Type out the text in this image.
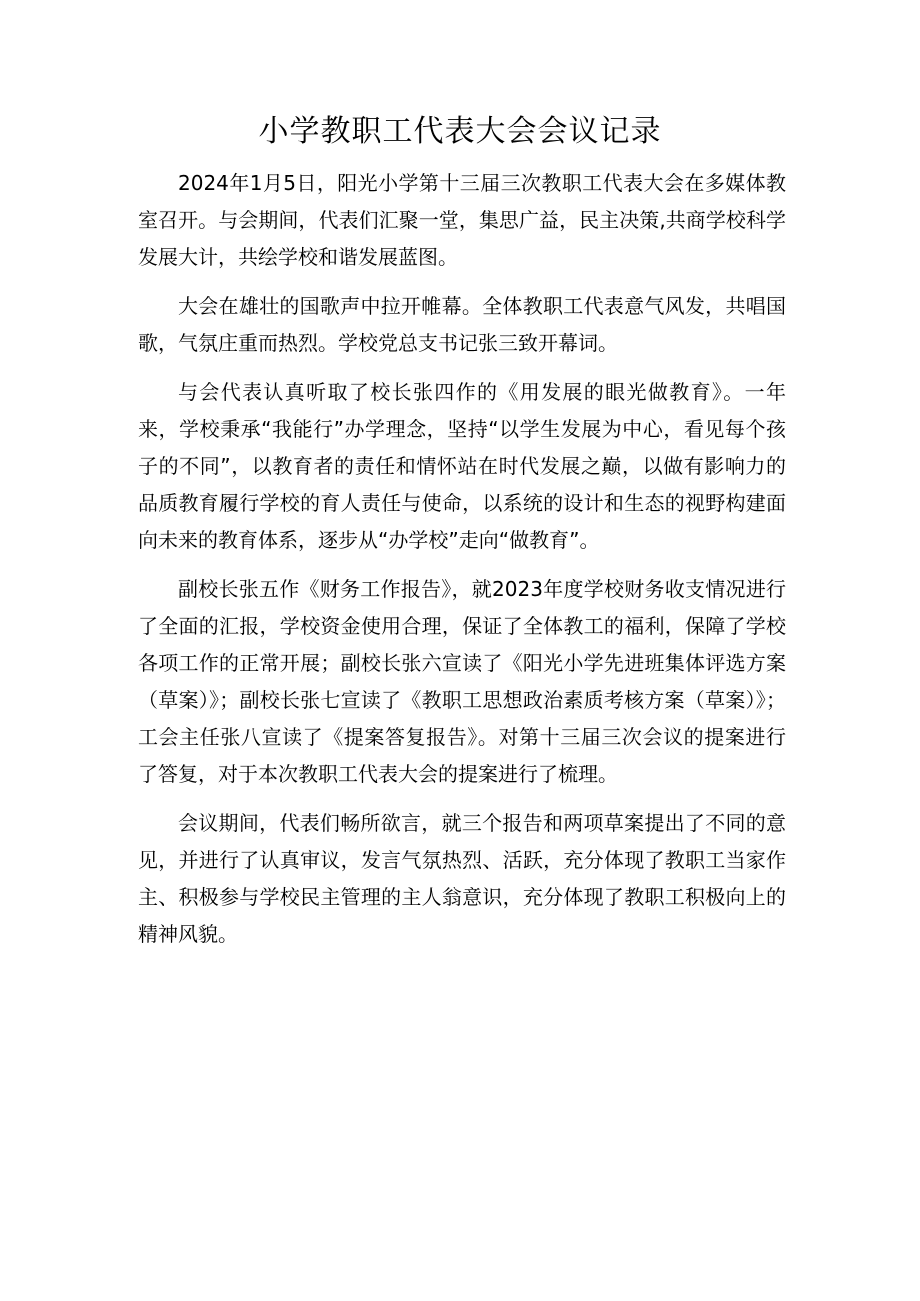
小学教职工代表大会会议记录

2024年1月5日，阳光小学第十三届三次教职工代表大会在多媒体教室召开。与会期间，代表们汇聚一堂，集思广益，民主决策,共商学校科学发展大计，共绘学校和谐发展蓝图。

大会在雄壮的国歌声中拉开帷幕。全体教职工代表意气风发，共唱国歌，气氛庄重而热烈。学校党总支书记张三致开幕词。

与会代表认真听取了校长张四作的《用发展的眼光做教育》。一年来，学校秉承“我能行”办学理念，坚持“以学生发展为中心，看见每个孩子的不同”，以教育者的责任和情怀站在时代发展之巅，以做有影响力的品质教育履行学校的育人责任与使命，以系统的设计和生态的视野构建面向未来的教育体系，逐步从“办学校”走向“做教育”。

副校长张五作《财务工作报告》，就2023年度学校财务收支情况进行了全面的汇报，学校资金使用合理，保证了全体教工的福利，保障了学校各项工作的正常开展；副校长张六宣读了《阳光小学先进班集体评选方案（草案）》；副校长张七宣读了《教职工思想政治素质考核方案（草案）》；工会主任张八宣读了《提案答复报告》。对第十三届三次会议的提案进行了答复，对于本次教职工代表大会的提案进行了梳理。

会议期间，代表们畅所欲言，就三个报告和两项草案提出了不同的意见，并进行了认真审议，发言气氛热烈、活跃，充分体现了教职工当家作主、积极参与学校民主管理的主人翁意识，充分体现了教职工积极向上的精神风貌。
